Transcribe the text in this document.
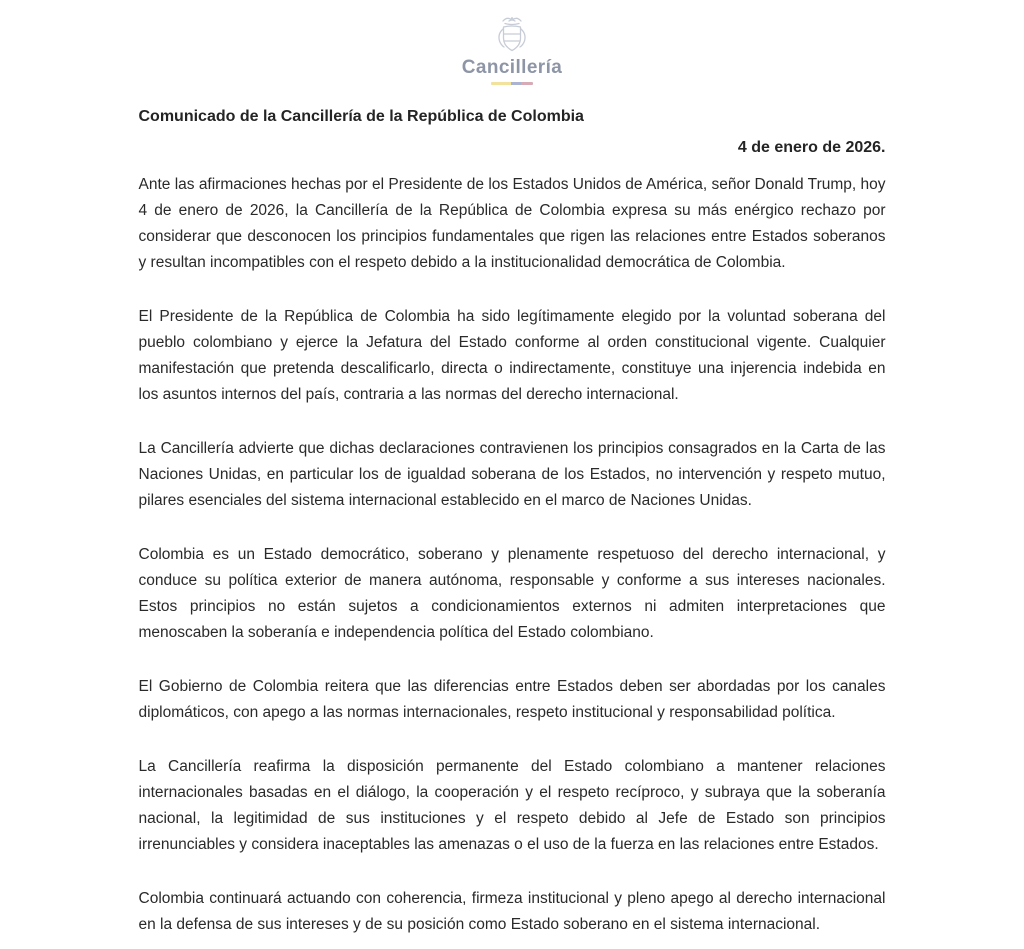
Cancillería
Comunicado de la Cancillería de la República de Colombia
4 de enero de 2026.

Ante las afirmaciones hechas por el Presidente de los Estados Unidos de América, señor Donald Trump, hoy 4 de enero de 2026, la Cancillería de la República de Colombia expresa su más enérgico rechazo por considerar que desconocen los principios fundamentales que rigen las relaciones entre Estados soberanos y resultan incompatibles con el respeto debido a la institucionalidad democrática de Colombia.

El Presidente de la República de Colombia ha sido legítimamente elegido por la voluntad soberana del pueblo colombiano y ejerce la Jefatura del Estado conforme al orden constitucional vigente. Cualquier manifestación que pretenda descalificarlo, directa o indirectamente, constituye una injerencia indebida en los asuntos internos del país, contraria a las normas del derecho internacional.

La Cancillería advierte que dichas declaraciones contravienen los principios consagrados en la Carta de las Naciones Unidas, en particular los de igualdad soberana de los Estados, no intervención y respeto mutuo, pilares esenciales del sistema internacional establecido en el marco de Naciones Unidas.

Colombia es un Estado democrático, soberano y plenamente respetuoso del derecho internacional, y conduce su política exterior de manera autónoma, responsable y conforme a sus intereses nacionales. Estos principios no están sujetos a condicionamientos externos ni admiten interpretaciones que menoscaben la soberanía e independencia política del Estado colombiano.

El Gobierno de Colombia reitera que las diferencias entre Estados deben ser abordadas por los canales diplomáticos, con apego a las normas internacionales, respeto institucional y responsabilidad política.

La Cancillería reafirma la disposición permanente del Estado colombiano a mantener relaciones internacionales basadas en el diálogo, la cooperación y el respeto recíproco, y subraya que la soberanía nacional, la legitimidad de sus instituciones y el respeto debido al Jefe de Estado son principios irrenunciables y considera inaceptables las amenazas o el uso de la fuerza en las relaciones entre Estados.

Colombia continuará actuando con coherencia, firmeza institucional y pleno apego al derecho internacional en la defensa de sus intereses y de su posición como Estado soberano en el sistema internacional.
